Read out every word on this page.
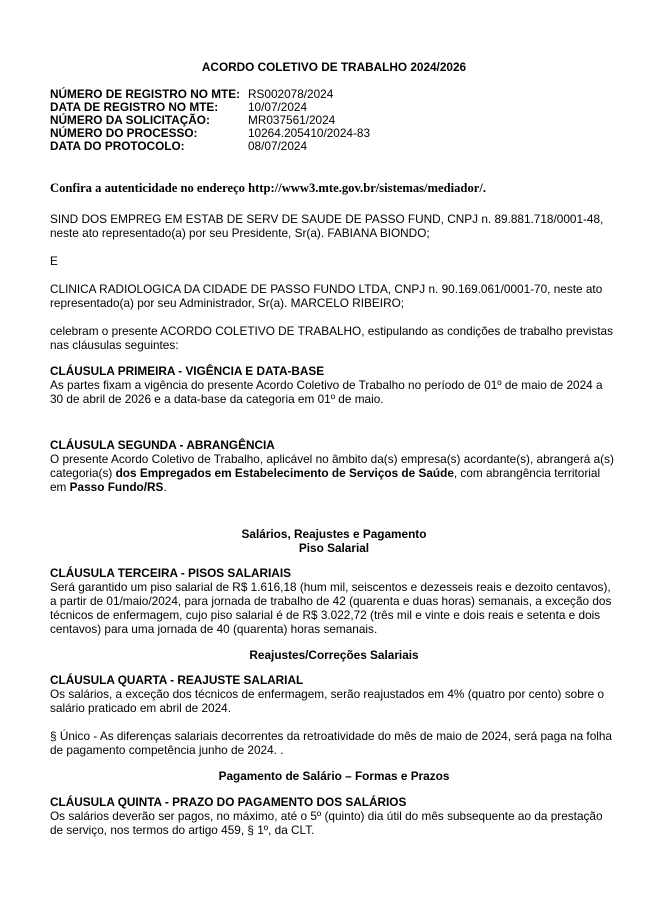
ACORDO COLETIVO DE TRABALHO 2024/2026
NÚMERO DE REGISTRO NO MTE:	RS002078/2024
DATA DE REGISTRO NO MTE:	10/07/2024
NÚMERO DA SOLICITAÇÃO:	MR037561/2024
NÚMERO DO PROCESSO:	10264.205410/2024-83
DATA DO PROTOCOLO:	08/07/2024

Confira a autenticidade no endereço http://www3.mte.gov.br/sistemas/mediador/.

SIND DOS EMPREG EM ESTAB DE SERV DE SAUDE DE PASSO FUND, CNPJ n. 89.881.718/0001-48, neste ato representado(a) por seu Presidente, Sr(a). FABIANA BIONDO;

E

CLINICA RADIOLOGICA DA CIDADE DE PASSO FUNDO LTDA, CNPJ n. 90.169.061/0001-70, neste ato representado(a) por seu Administrador, Sr(a). MARCELO RIBEIRO;

celebram o presente ACORDO COLETIVO DE TRABALHO, estipulando as condições de trabalho previstas nas cláusulas seguintes:

CLÁUSULA PRIMEIRA - VIGÊNCIA E DATA-BASE

As partes fixam a vigência do presente Acordo Coletivo de Trabalho no período de 01º de maio de 2024 a 30 de abril de 2026 e a data-base da categoria em 01º de maio.

CLÁUSULA SEGUNDA - ABRANGÊNCIA

O presente Acordo Coletivo de Trabalho, aplicável no âmbito da(s) empresa(s) acordante(s), abrangerá a(s) categoria(s) dos Empregados em Estabelecimento de Serviços de Saúde, com abrangência territorial em Passo Fundo/RS.

Salários, Reajustes e Pagamento

Piso Salarial

CLÁUSULA TERCEIRA - PISOS SALARIAIS

Será garantido um piso salarial de R$ 1.616,18 (hum mil, seiscentos e dezesseis reais e dezoito centavos), a partir de 01/maio/2024, para jornada de trabalho de 42 (quarenta e duas horas) semanais, a exceção dos técnicos de enfermagem, cujo piso salarial é de R$ 3.022,72 (três mil e vinte e dois reais e setenta e dois centavos) para uma jornada de 40 (quarenta) horas semanais.

Reajustes/Correções Salariais

CLÁUSULA QUARTA - REAJUSTE SALARIAL

Os salários, a exceção dos técnicos de enfermagem, serão reajustados em 4% (quatro por cento) sobre o salário praticado em abril de 2024.

§ Único - As diferenças salariais decorrentes da retroatividade do mês de maio de 2024, será paga na folha de pagamento competência junho de 2024. .

Pagamento de Salário – Formas e Prazos

CLÁUSULA QUINTA - PRAZO DO PAGAMENTO DOS SALÁRIOS

Os salários deverão ser pagos, no máximo, até o 5º (quinto) dia útil do mês subsequente ao da prestação de serviço, nos termos do artigo 459, § 1º, da CLT.
